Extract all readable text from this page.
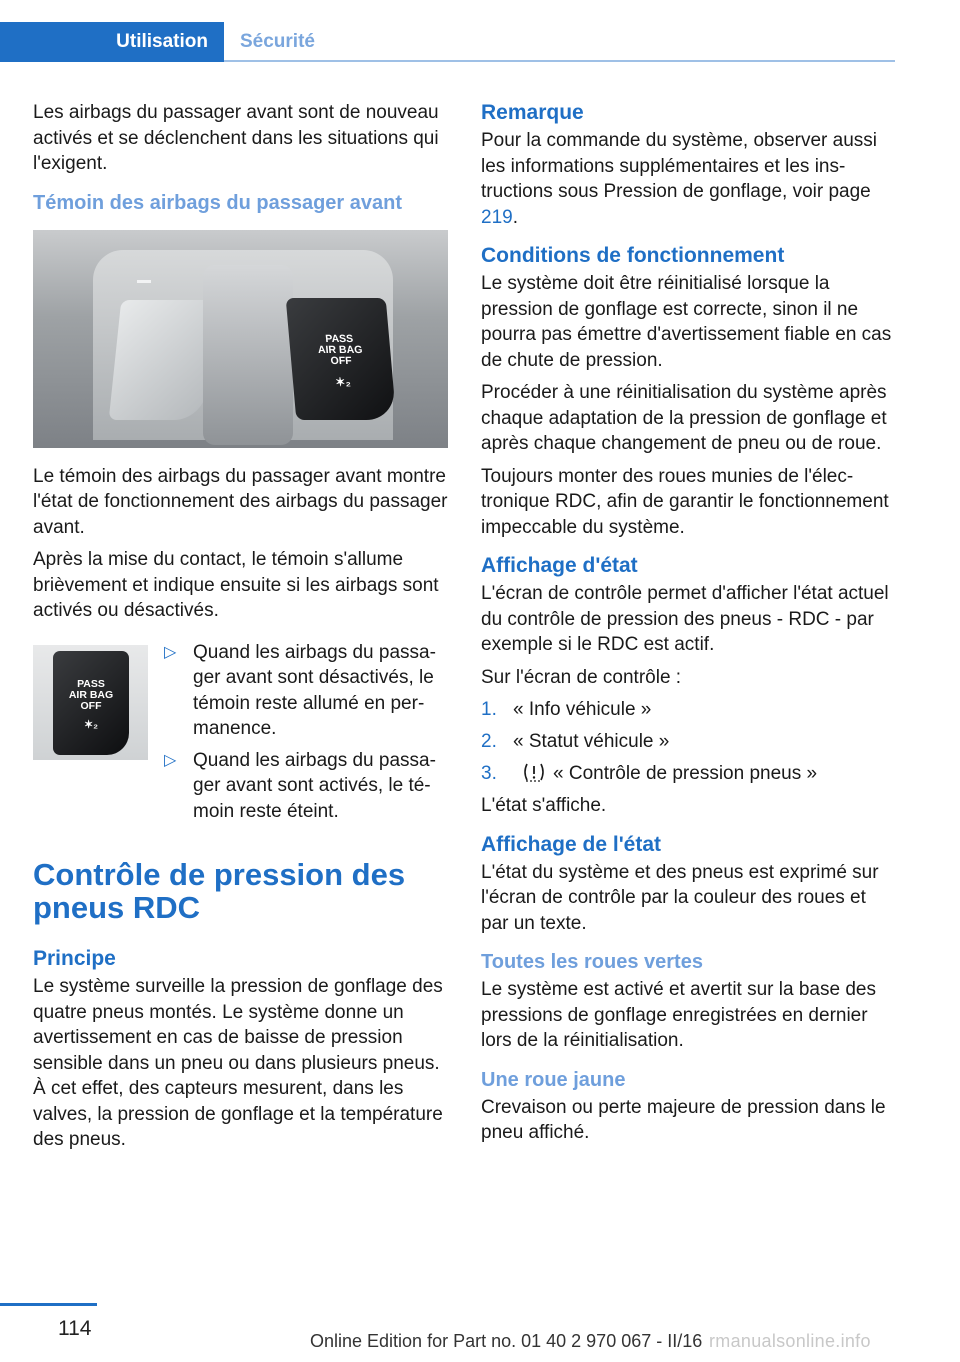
Utilisation	Sécurité

Les airbags du passager avant sont de nouveau activés et se déclenchent dans les situations qui l'exigent.

Témoin des airbags du passager avant
PASS
AIR BAG
OFF
✶₂

Le témoin des airbags du passager avant montre l'état de fonctionnement des airbags du passager avant.

Après la mise du contact, le témoin s'allume brièvement et indique ensuite si les airbags sont activés ou désactivés.

PASS
AIR BAG
OFF
✶₂
▷ Quand les airbags du passager avant sont désactivés, le témoin reste allumé en permanence.
▷ Quand les airbags du passager avant sont activés, le témoin reste éteint.
Contrôle de pression des pneus RDC
Principe

Le système surveille la pression de gonflage des quatre pneus montés. Le système donne un avertissement en cas de baisse de pression sensible dans un pneu ou dans plusieurs pneus. À cet effet, des capteurs mesurent, dans les valves, la pression de gonflage et la température des pneus.

Remarque

Pour la commande du système, observer aussi les informations supplémentaires et les instructions sous Pression de gonflage, voir page 219.

Conditions de fonctionnement

Le système doit être réinitialisé lorsque la pression de gonflage est correcte, sinon il ne pourra pas émettre d'avertissement fiable en cas de chute de pression.

Procéder à une réinitialisation du système après chaque adaptation de la pression de gonflage et après chaque changement de pneu ou de roue.

Toujours monter des roues munies de l'électronique RDC, afin de garantir le fonctionnement impeccable du système.

Affichage d'état

L'écran de contrôle permet d'afficher l'état actuel du contrôle de pression des pneus - RDC - par exemple si le RDC est actif.

Sur l'écran de contrôle :

1. « Info véhicule »
2. « Statut véhicule »
3.	« Contrôle de pression pneus »

L'état s'affiche.

Affichage de l'état

L'état du système et des pneus est exprimé sur l'écran de contrôle par la couleur des roues et par un texte.

Toutes les roues vertes

Le système est activé et avertit sur la base des pressions de gonflage enregistrées en dernier lors de la réinitialisation.

Une roue jaune

Crevaison ou perte majeure de pression dans le pneu affiché.

114
Online Edition for Part no. 01 40 2 970 067 - II/16 rmanualsonline.info
